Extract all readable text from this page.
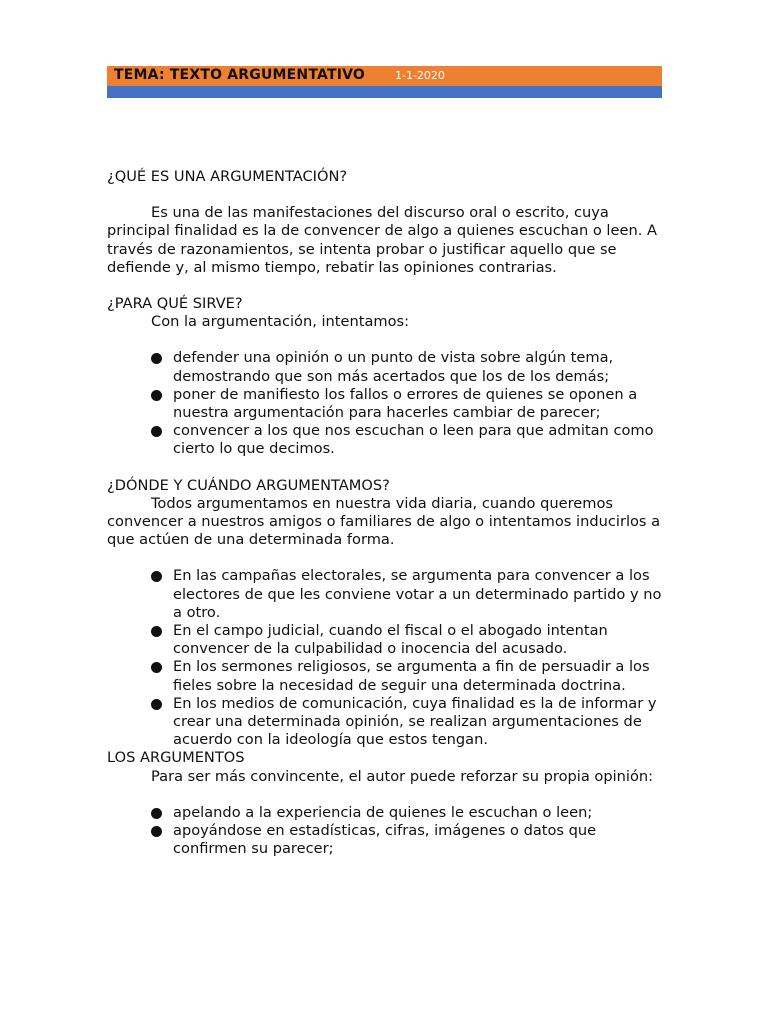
TEMA: TEXTO ARGUMENTATIVO	1-1-2020

¿QUÉ ES UNA ARGUMENTACIÓN?

Es una de las manifestaciones del discurso oral o escrito, cuya principal finalidad es la de convencer de algo a quienes escuchan o leen. A través de razonamientos, se intenta probar o justificar aquello que se defiende y, al mismo tiempo, rebatir las opiniones contrarias.

¿PARA QUÉ SIRVE?

Con la argumentación, intentamos:

defender una opinión o un punto de vista sobre algún tema, demostrando que son más acertados que los de los demás;
poner de manifiesto los fallos o errores de quienes se oponen a nuestra argumentación para hacerles cambiar de parecer;
convencer a los que nos escuchan o leen para que admitan como cierto lo que decimos.

¿DÓNDE Y CUÁNDO ARGUMENTAMOS?

Todos argumentamos en nuestra vida diaria, cuando queremos convencer a nuestros amigos o familiares de algo o intentamos inducirlos a que actúen de una determinada forma.

En las campañas electorales, se argumenta para convencer a los electores de que les conviene votar a un determinado partido y no a otro.
En el campo judicial, cuando el fiscal o el abogado intentan convencer de la culpabilidad o inocencia del acusado.
En los sermones religiosos, se argumenta a fin de persuadir a los fieles sobre la necesidad de seguir una determinada doctrina.
En los medios de comunicación, cuya finalidad es la de informar y crear una determinada opinión, se realizan argumentaciones de acuerdo con la ideología que estos tengan.

LOS ARGUMENTOS

Para ser más convincente, el autor puede reforzar su propia opinión:

apelando a la experiencia de quienes le escuchan o leen;
apoyándose en estadísticas, cifras, imágenes o datos que confirmen su parecer;
